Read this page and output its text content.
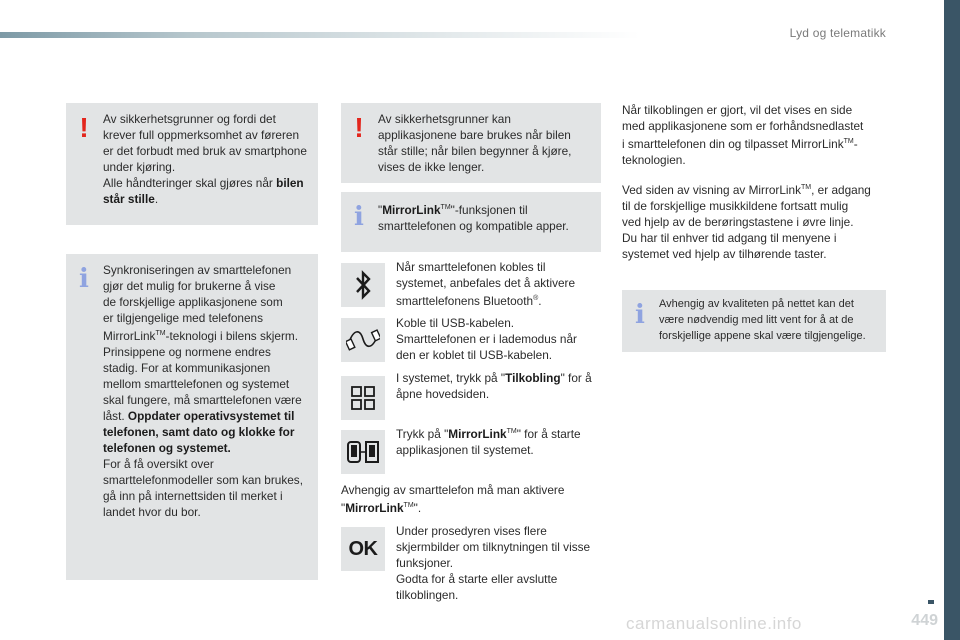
Lyd og telematikk
! Av sikkerhetsgrunner og fordi det
krever full oppmerksomhet av føreren
er det forbudt med bruk av smartphone
under kjøring.
Alle håndteringer skal gjøres når bilen
står stille.
i Synkroniseringen av smarttelefonen
gjør det mulig for brukerne å vise
de forskjellige applikasjonene som
er tilgjengelige med telefonens
MirrorLink™-teknologi i bilens skjerm.
Prinsippene og normene endres
stadig. For at kommunikasjonen
mellom smarttelefonen og systemet
skal fungere, må smarttelefonen være
låst. Oppdater operativsystemet til
telefonen, samt dato og klokke for
telefonen og systemet.
For å få oversikt over
smarttelefonmodeller som kan brukes,
gå inn på internettsiden til merket i
landet hvor du bor.
! Av sikkerhetsgrunner kan
applikasjonene bare brukes når bilen
står stille; når bilen begynner å kjøre,
vises de ikke lenger.
i "MirrorLink™"-funksjonen til
smarttelefonen og kompatible apper.
Når smarttelefonen kobles til
systemet, anbefales det å aktivere
smarttelefonens Bluetooth®.
Koble til USB-kabelen.
Smarttelefonen er i lademodus når
den er koblet til USB-kabelen.
I systemet, trykk på "Tilkobling" for å
åpne hovedsiden.
Trykk på "MirrorLink™" for å starte
applikasjonen til systemet.
Avhengig av smarttelefon må man aktivere
"MirrorLink™".
OK
Under prosedyren vises flere
skjermbilder om tilknytningen til visse
funksjoner.
Godta for å starte eller avslutte
tilkoblingen.
Når tilkoblingen er gjort, vil det vises en side
med applikasjonene som er forhåndsnedlastet
i smarttelefonen din og tilpasset MirrorLink™-
teknologien.
Ved siden av visning av MirrorLink™, er adgang
til de forskjellige musikkildene fortsatt mulig
ved hjelp av de berøringstastene i øvre linje.
Du har til enhver tid adgang til menyene i
systemet ved hjelp av tilhørende taster.
i Avhengig av kvaliteten på nettet kan det
være nødvendig med litt vent for å at de
forskjellige appene skal være tilgjengelige.
449
carmanualsonline.info
